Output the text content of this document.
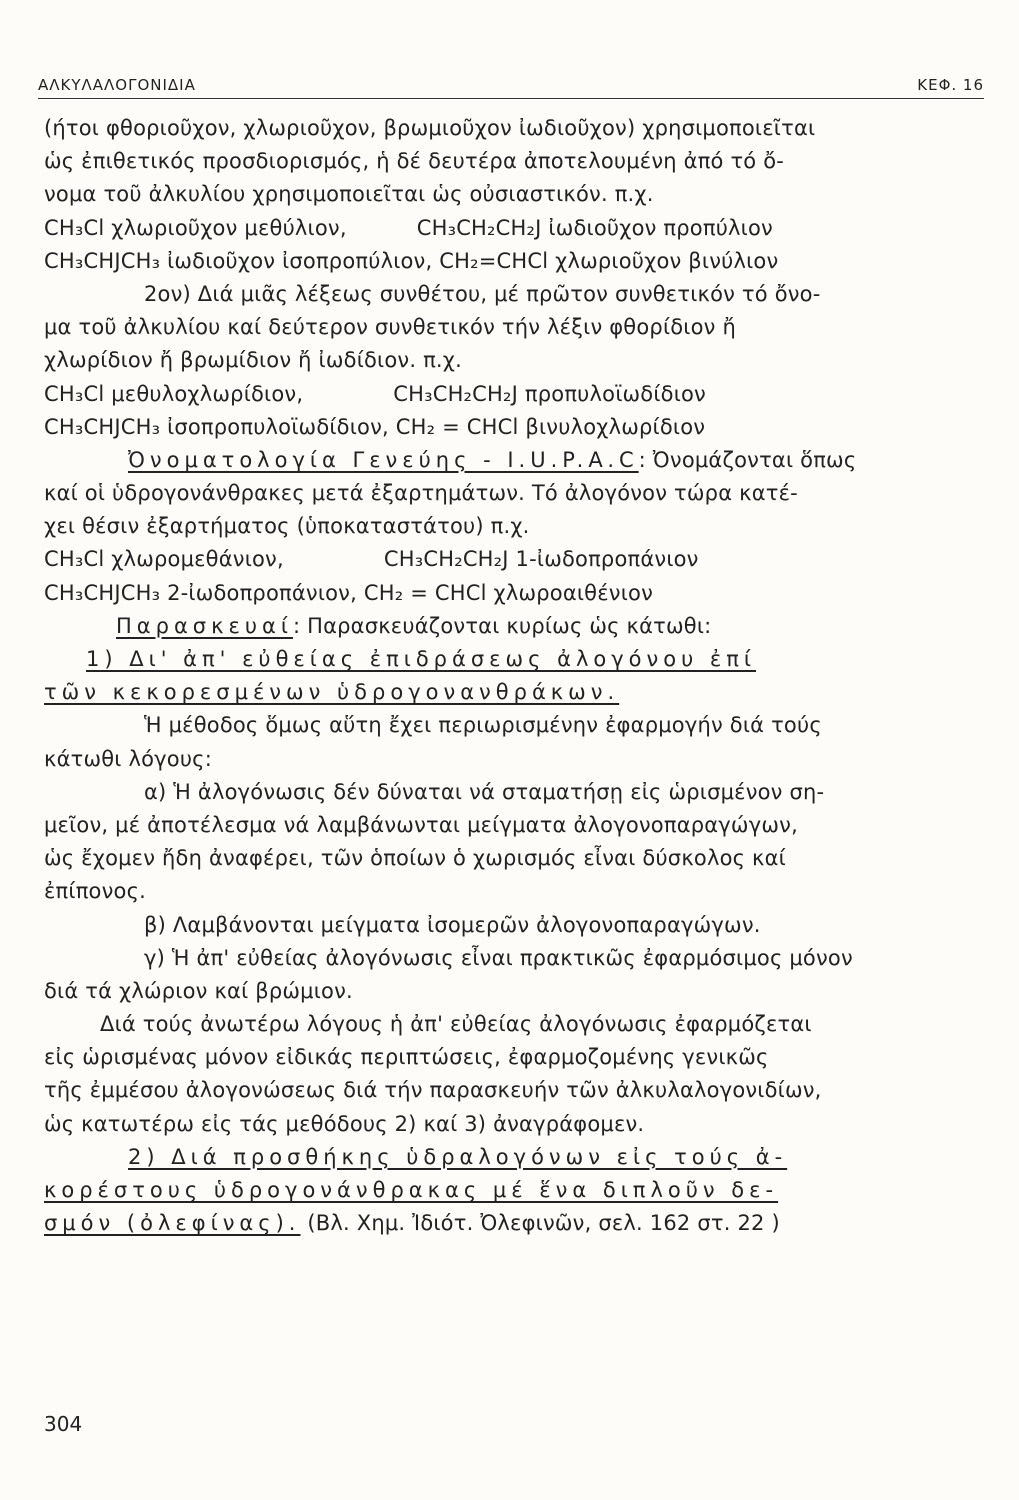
ΑΛΚΥΛΑΛΟΓΟΝΙΔΙΑ	ΚΕΦ. 16
(ήτοι φθοριοῦχον, χλωριοῦχον, βρωμιοῦχον ἰωδιοῦχον) χρησιμοποιεῖται
ὡς ἐπιθετικός προσδιορισμός, ἡ δέ δευτέρα ἀποτελουμένη ἀπό τό ὄ-
νομα τοῦ ἀλκυλίου χρησιμοποιεῖται ὡς οὐσιαστικόν. π.χ.
CH₃Cl χλωριοῦχον μεθύλιον,	CH₃CH₂CH₂J ἰωδιοῦχον προπύλιον
CH₃CHJCH₃ ἰωδιοῦχον ἰσοπροπύλιον, CH₂=CHCl χλωριοῦχον βινύλιον
2ον) Διά μιᾶς λέξεως συνθέτου, μέ πρῶτον συνθετικόν τό ὄνο-
μα τοῦ ἀλκυλίου καί δεύτερον συνθετικόν τήν λέξιν φθορίδιον ἤ
χλωρίδιον ἤ βρωμίδιον ἤ ἰωδίδιον. π.χ.
CH₃Cl μεθυλοχλωρίδιον,	CH₃CH₂CH₂J προπυλοϊωδίδιον
CH₃CHJCH₃ ἰσοπροπυλοϊωδίδιον, CH₂ = CHCl βινυλοχλωρίδιον
Ὀνοματολογία Γενεύης - I.U.P.A.C: Ὀνομάζονται ὅπως
καί οἱ ὑδρογονάνθρακες μετά ἐξαρτημάτων. Τό ἀλογόνον τώρα κατέ-
χει θέσιν ἐξαρτήματος (ὑποκαταστάτου) π.χ.
CH₃Cl χλωρομεθάνιον,	CH₃CH₂CH₂J 1-ἰωδοπροπάνιον
CH₃CHJCH₃ 2-ἰωδοπροπάνιον, CH₂ = CHCl χλωροαιθένιον
Παρασκευαί: Παρασκευάζονται κυρίως ὡς κάτωθι:
1) Δι' ἀπ' εὐθείας ἐπιδράσεως ἀλογόνου ἐπί
τῶν κεκορεσμένων ὑδρογονανθράκων.
Ἡ μέθοδος ὅμως αὕτη ἔχει περιωρισμένην ἐφαρμογήν διά τούς
κάτωθι λόγους:
α) Ἡ ἀλογόνωσις δέν δύναται νά σταματήσῃ εἰς ὡρισμένον ση-
μεῖον, μέ ἀποτέλεσμα νά λαμβάνωνται μείγματα ἀλογονοπαραγώγων,
ὡς ἔχομεν ἤδη ἀναφέρει, τῶν ὁποίων ὁ χωρισμός εἶναι δύσκολος καί
ἐπίπονος.
β) Λαμβάνονται μείγματα ἰσομερῶν ἀλογονοπαραγώγων.
γ) Ἡ ἀπ' εὐθείας ἀλογόνωσις εἶναι πρακτικῶς ἐφαρμόσιμος μόνον
διά τά χλώριον καί βρώμιον.
Διά τούς ἀνωτέρω λόγους ἡ ἀπ' εὐθείας ἀλογόνωσις ἐφαρμόζεται
εἰς ὡρισμένας μόνον εἰδικάς περιπτώσεις, ἐφαρμοζομένης γενικῶς
τῆς ἐμμέσου ἀλογονώσεως διά τήν παρασκευήν τῶν ἀλκυλαλογονιδίων,
ὡς κατωτέρω εἰς τάς μεθόδους 2) καί 3) ἀναγράφομεν.
2) Διά προσθήκης ὑδραλογόνων εἰς τούς ἀ-
κορέστους ὑδρογονάνθρακας μέ ἕνα διπλοῦν δε-
σμόν (ὀλεφίνας). (Βλ. Χημ. Ἰδιότ. Ὀλεφινῶν, σελ. 162 στ. 22 )
304
